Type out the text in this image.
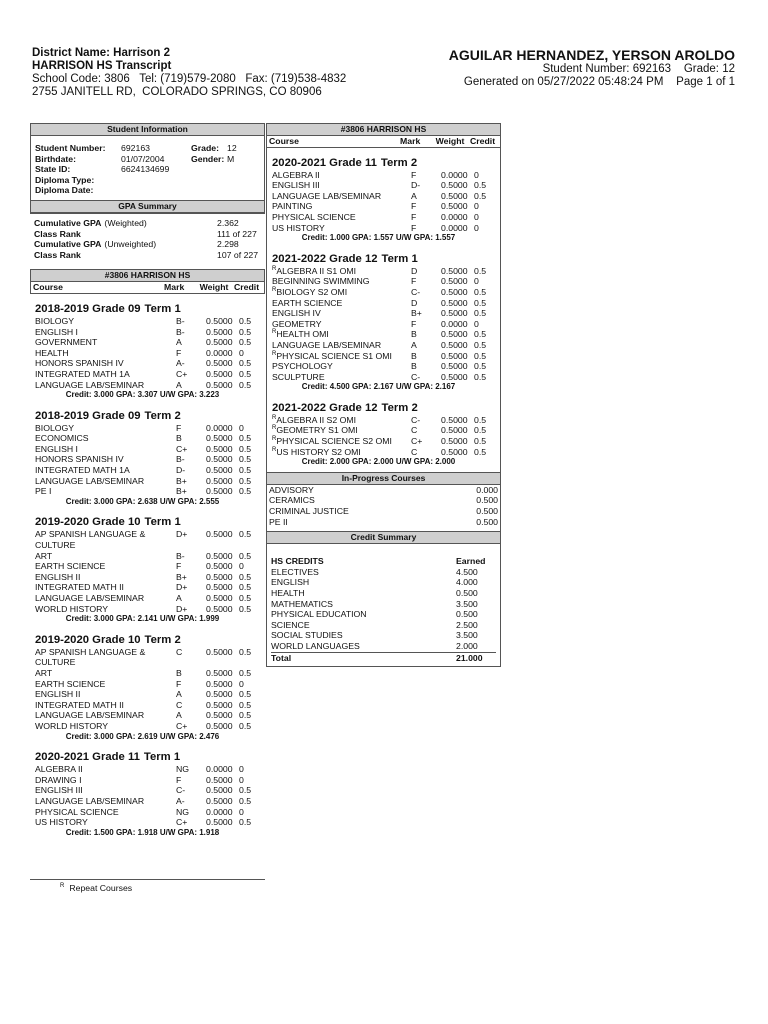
District Name: Harrison 2
HARRISON HS Transcript
School Code: 3806   Tel: (719)579-2080   Fax: (719)538-4832
2755 JANITELL RD,  COLORADO SPRINGS, CO 80906
AGUILAR HERNANDEZ, YERSON AROLDO
Student Number: 692163    Grade: 12
Generated on 05/27/2022 05:48:24 PM    Page 1 of 1
Student Information
Student Number:	692163	Grade: 12
Birthdate:	01/07/2004	Gender: M
State ID:	6624134699
Diploma Type:
Diploma Date:
GPA Summary
Cumulative GPA (Weighted)	2.362
Class Rank	111 of 227
Cumulative GPA (Unweighted)	2.298
Class Rank	107 of 227
#3806 HARRISON HS
Course	Mark	Weight Credit
2018-2019 Grade 09 Term 1
BIOLOGY	B-	0.5000 0.5
ENGLISH I	B-	0.5000 0.5
GOVERNMENT	A	0.5000 0.5
HEALTH	F	0.0000 0
HONORS SPANISH IV	A-	0.5000 0.5
INTEGRATED MATH 1A	C+	0.5000 0.5
LANGUAGE LAB/SEMINAR	A	0.5000 0.5
Credit: 3.000 GPA: 3.307 U/W GPA: 3.223
2018-2019 Grade 09 Term 2
BIOLOGY	F	0.0000 0
ECONOMICS	B	0.5000 0.5
ENGLISH I	C+	0.5000 0.5
HONORS SPANISH IV	B-	0.5000 0.5
INTEGRATED MATH 1A	D-	0.5000 0.5
LANGUAGE LAB/SEMINAR	B+	0.5000 0.5
PE I	B+	0.5000 0.5
Credit: 3.000 GPA: 2.638 U/W GPA: 2.555
2019-2020 Grade 10 Term 1
AP SPANISH LANGUAGE &
CULTURE
D+	0.5000 0.5
ART	B-	0.5000 0.5
EARTH SCIENCE	F	0.5000 0
ENGLISH II	B+	0.5000 0.5
INTEGRATED MATH II	D+	0.5000 0.5
LANGUAGE LAB/SEMINAR	A	0.5000 0.5
WORLD HISTORY	D+	0.5000 0.5
Credit: 3.000 GPA: 2.141 U/W GPA: 1.999
2019-2020 Grade 10 Term 2
AP SPANISH LANGUAGE &
CULTURE
C	0.5000 0.5
ART	B	0.5000 0.5
EARTH SCIENCE	F	0.5000 0
ENGLISH II	A	0.5000 0.5
INTEGRATED MATH II	C	0.5000 0.5
LANGUAGE LAB/SEMINAR	A	0.5000 0.5
WORLD HISTORY	C+	0.5000 0.5
Credit: 3.000 GPA: 2.619 U/W GPA: 2.476
2020-2021 Grade 11 Term 1
ALGEBRA II	NG	0.0000 0
DRAWING I	F	0.5000 0
ENGLISH III	C-	0.5000 0.5
LANGUAGE LAB/SEMINAR	A-	0.5000 0.5
PHYSICAL SCIENCE	NG	0.0000 0
US HISTORY	C+	0.5000 0.5
Credit: 1.500 GPA: 1.918 U/W GPA: 1.918
#3806 HARRISON HS
Course	Mark	Weight Credit
2020-2021 Grade 11 Term 2
ALGEBRA II	F	0.0000 0
ENGLISH III	D-	0.5000 0.5
LANGUAGE LAB/SEMINAR	A	0.5000 0.5
PAINTING	F	0.5000 0
PHYSICAL SCIENCE	F	0.0000 0
US HISTORY	F	0.0000 0
Credit: 1.000 GPA: 1.557 U/W GPA: 1.557
2021-2022 Grade 12 Term 1
$^R$ALGEBRA II S1 OMI	D	0.5000 0.5
BEGINNING SWIMMING	F	0.5000 0
$^R$BIOLOGY S2 OMI	C-	0.5000 0.5
EARTH SCIENCE	D	0.5000 0.5
ENGLISH IV	B+	0.5000 0.5
GEOMETRY	F	0.0000 0
$^R$HEALTH OMI	B	0.5000 0.5
LANGUAGE LAB/SEMINAR	A	0.5000 0.5
$^R$PHYSICAL SCIENCE S1 OMI	B	0.5000 0.5
PSYCHOLOGY	B	0.5000 0.5
SCULPTURE	C-	0.5000 0.5
Credit: 4.500 GPA: 2.167 U/W GPA: 2.167
2021-2022 Grade 12 Term 2
$^R$ALGEBRA II S2 OMI	C-	0.5000 0.5
$^R$GEOMETRY S1 OMI	C	0.5000 0.5
$^R$PHYSICAL SCIENCE S2 OMI	C+	0.5000 0.5
$^R$US HISTORY S2 OMI	C	0.5000 0.5
Credit: 2.000 GPA: 2.000 U/W GPA: 2.000
In-Progress Courses
ADVISORY	0.000
CERAMICS	0.500
CRIMINAL JUSTICE	0.500
PE II	0.500
Credit Summary
HS CREDITS	Earned
ELECTIVES	4.500
ENGLISH	4.000
HEALTH	0.500
MATHEMATICS	3.500
PHYSICAL EDUCATION	0.500
SCIENCE	2.500
SOCIAL STUDIES	3.500
WORLD LANGUAGES	2.000
Total	21.000
$^R$ Repeat Courses
